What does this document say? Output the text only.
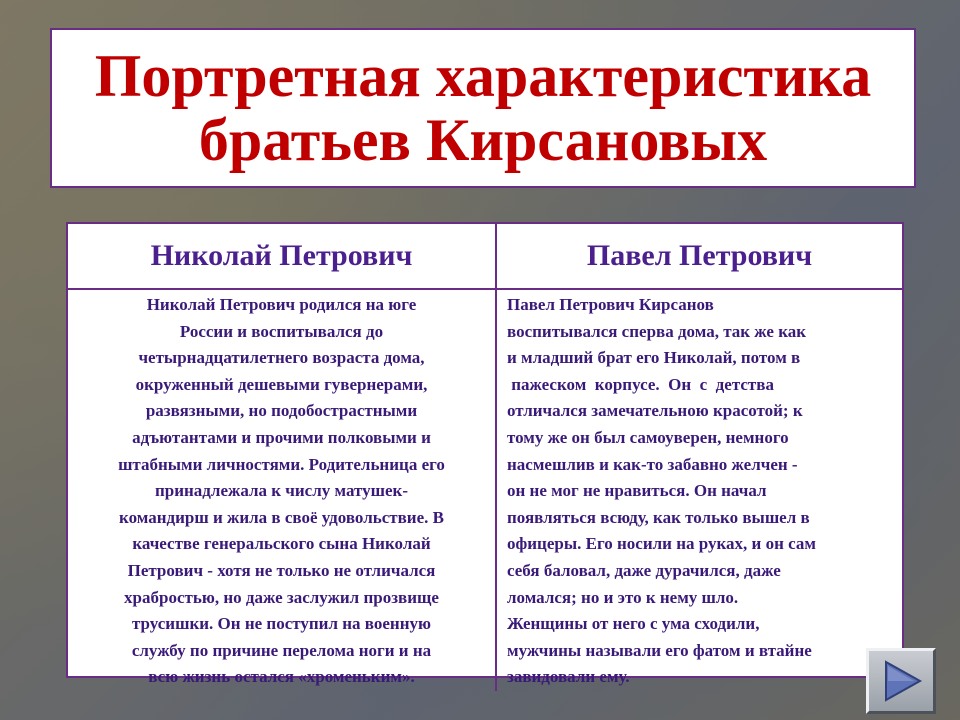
Портретная характеристика
братьев Кирсановых
Николай Петрович	Павел Петрович
Николай Петрович родился на юге
России и воспитывался до
четырнадцатилетнего возраста дома,
окруженный дешевыми гувернерами,
развязными, но подобострастными
адъютантами и прочими полковыми и
штабными личностями. Родительница его
принадлежала к числу матушек-
командирш и жила в своё удовольствие. В
качестве генеральского сына Николай
Петрович - хотя не только не отличался
храбростью, но даже заслужил прозвище
трусишки. Он не поступил на военную
службу по причине перелома ноги и на
всю жизнь остался «хроменьким».
Павел Петрович Кирсанов
воспитывался сперва дома, так же как
и младший брат его Николай, потом в
пажеском  корпусе.  Он  с  детства
отличался замечательною красотой; к
тому же он был самоуверен, немного
насмешлив и как-то забавно желчен -
он не мог не нравиться. Он начал
появляться всюду, как только вышел в
офицеры. Его носили на руках, и он сам
себя баловал, даже дурачился, даже
ломался; но и это к нему шло.
Женщины от него с ума сходили,
мужчины называли его фатом и втайне
завидовали ему.
